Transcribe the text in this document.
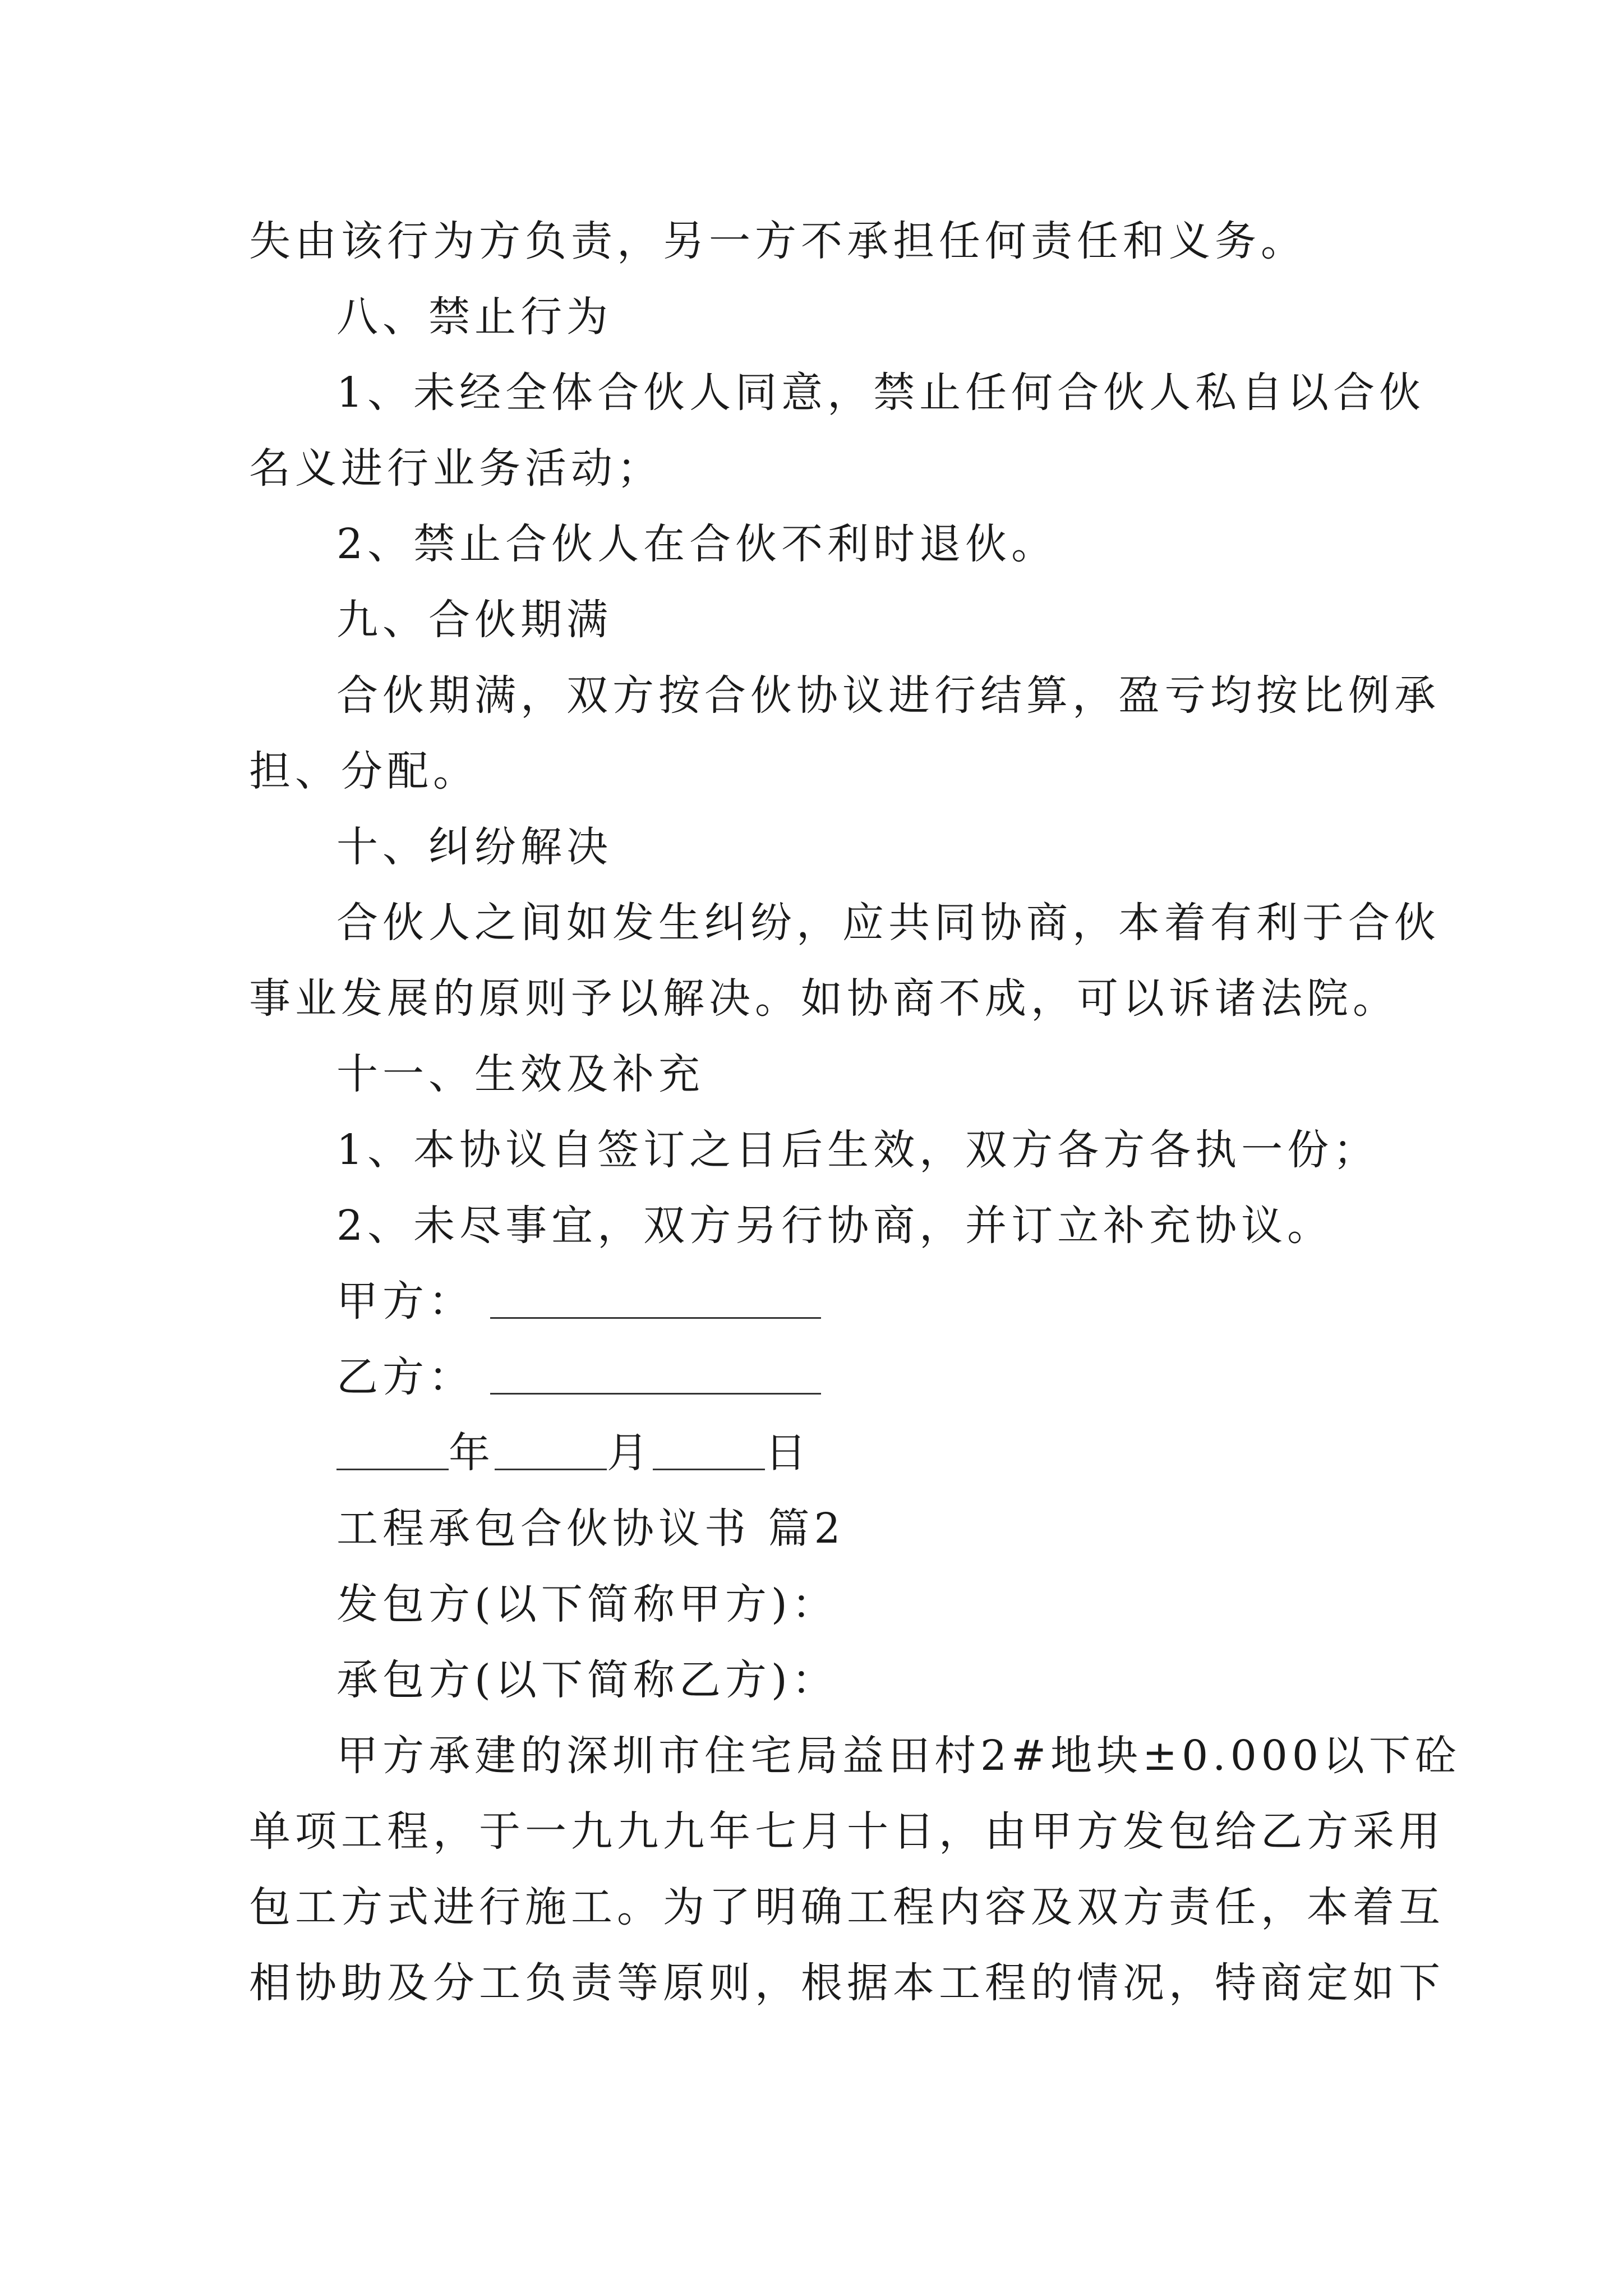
失由该行为方负责，另一方不承担任何责任和义务。
八、禁止行为
1、未经全体合伙人同意，禁止任何合伙人私自以合伙
名义进行业务活动；
2、禁止合伙人在合伙不利时退伙。
九、合伙期满
合伙期满，双方按合伙协议进行结算，盈亏均按比例承
担、分配。
十、纠纷解决
合伙人之间如发生纠纷，应共同协商，本着有利于合伙
事业发展的原则予以解决。如协商不成，可以诉诸法院。
十一、生效及补充
1、本协议自签订之日后生效，双方各方各执一份；
2、未尽事宜，双方另行协商，并订立补充协议。
甲方：
乙方：
年	月	日
工程承包合伙协议书 篇2
发包方(以下简称甲方)：
承包方(以下简称乙方)：
甲方承建的深圳市住宅局益田村2#地块±0.000以下砼
单项工程，于一九九九年七月十日，由甲方发包给乙方采用
包工方式进行施工。为了明确工程内容及双方责任，本着互
相协助及分工负责等原则，根据本工程的情况，特商定如下
